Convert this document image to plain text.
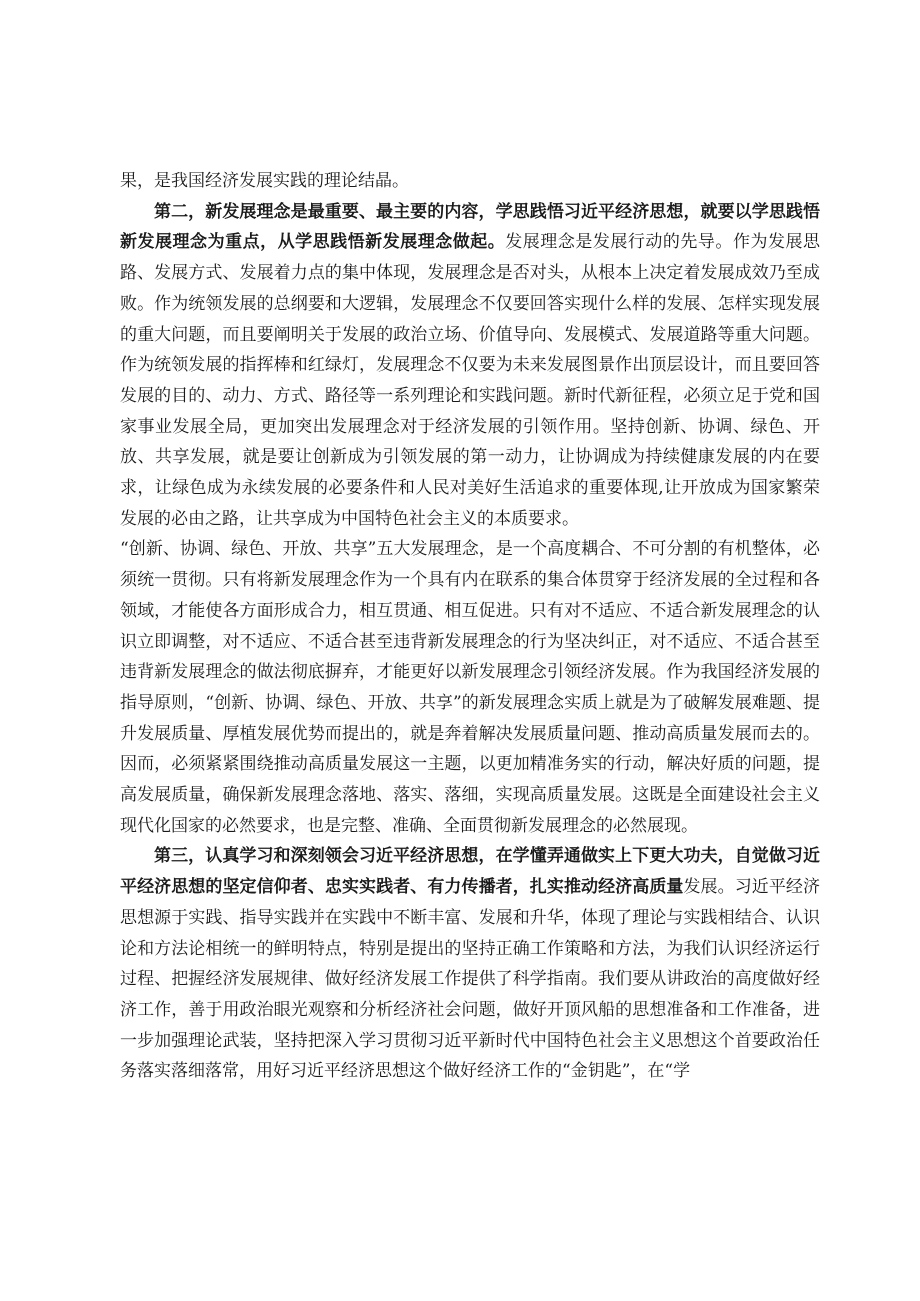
果，是我国经济发展实践的理论结晶。

第二，新发展理念是最重要、最主要的内容，学思践悟习近平经济思想，就要以学思践悟新发展理念为重点，从学思践悟新发展理念做起。发展理念是发展行动的先导。作为发展思路、发展方式、发展着力点的集中体现，发展理念是否对头，从根本上决定着发展成效乃至成败。作为统领发展的总纲要和大逻辑，发展理念不仅要回答实现什么样的发展、怎样实现发展的重大问题，而且要阐明关于发展的政治立场、价值导向、发展模式、发展道路等重大问题。作为统领发展的指挥棒和红绿灯，发展理念不仅要为未来发展图景作出顶层设计，而且要回答发展的目的、动力、方式、路径等一系列理论和实践问题。新时代新征程，必须立足于党和国家事业发展全局，更加突出发展理念对于经济发展的引领作用。坚持创新、协调、绿色、开放、共享发展，就是要让创新成为引领发展的第一动力，让协调成为持续健康发展的内在要求，让绿色成为永续发展的必要条件和人民对美好生活追求的重要体现,让开放成为国家繁荣发展的必由之路，让共享成为中国特色社会主义的本质要求。

“创新、协调、绿色、开放、共享”五大发展理念，是一个高度耦合、不可分割的有机整体，必须统一贯彻。只有将新发展理念作为一个具有内在联系的集合体贯穿于经济发展的全过程和各领域，才能使各方面形成合力，相互贯通、相互促进。只有对不适应、不适合新发展理念的认识立即调整，对不适应、不适合甚至违背新发展理念的行为坚决纠正，对不适应、不适合甚至违背新发展理念的做法彻底摒弃，才能更好以新发展理念引领经济发展。作为我国经济发展的指导原则，“创新、协调、绿色、开放、共享”的新发展理念实质上就是为了破解发展难题、提升发展质量、厚植发展优势而提出的，就是奔着解决发展质量问题、推动高质量发展而去的。因而，必须紧紧围绕推动高质量发展这一主题，以更加精准务实的行动，解决好质的问题，提高发展质量，确保新发展理念落地、落实、落细，实现高质量发展。这既是全面建设社会主义现代化国家的必然要求，也是完整、准确、全面贯彻新发展理念的必然展现。

第三，认真学习和深刻领会习近平经济思想，在学懂弄通做实上下更大功夫，自觉做习近平经济思想的坚定信仰者、忠实实践者、有力传播者，扎实推动经济高质量发展。习近平经济思想源于实践、指导实践并在实践中不断丰富、发展和升华，体现了理论与实践相结合、认识论和方法论相统一的鲜明特点，特别是提出的坚持正确工作策略和方法，为我们认识经济运行过程、把握经济发展规律、做好经济发展工作提供了科学指南。我们要从讲政治的高度做好经济工作，善于用政治眼光观察和分析经济社会问题，做好开顶风船的思想准备和工作准备，进一步加强理论武装，坚持把深入学习贯彻习近平新时代中国特色社会主义思想这个首要政治任务落实落细落常，用好习近平经济思想这个做好经济工作的“金钥匙”，在“学
